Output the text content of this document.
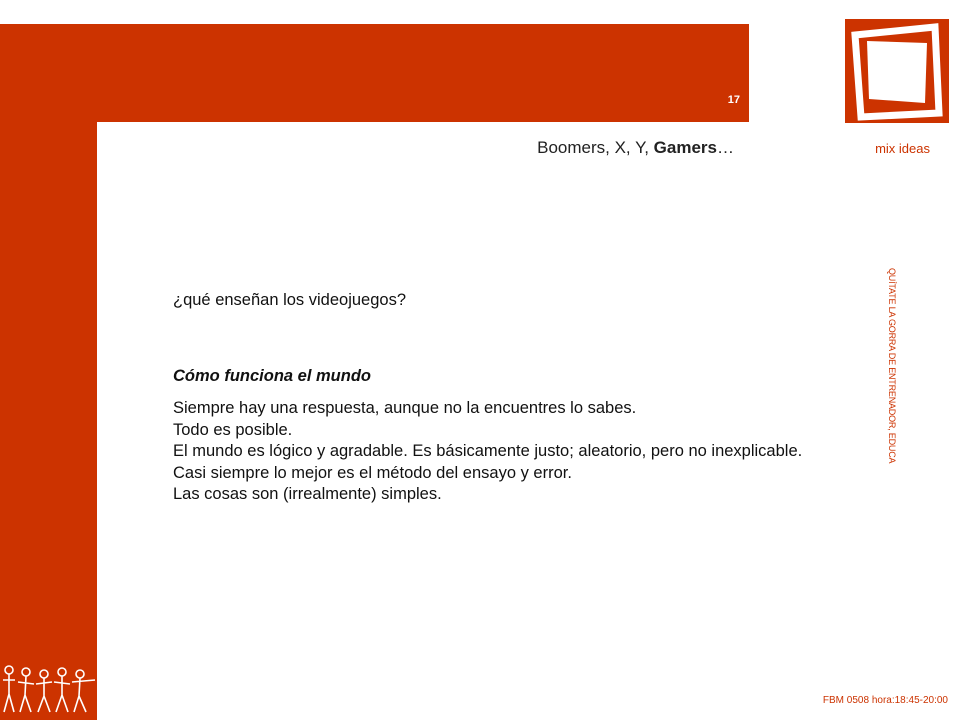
17
mix ideas
Boomers, X, Y, Gamers…
QUÍTATE LA GORRA DE ENTRENADOR, EDUCA

¿qué enseñan los videojuegos?

Cómo funciona el mundo

Siempre hay una respuesta, aunque no la encuentres lo sabes.

Todo es posible.

El mundo es lógico y agradable. Es básicamente justo; aleatorio, pero no inexplicable.

Casi siempre lo mejor es el método del ensayo y error.

Las cosas son (irrealmente) simples.

FBM 0508 hora:18:45-20:00
